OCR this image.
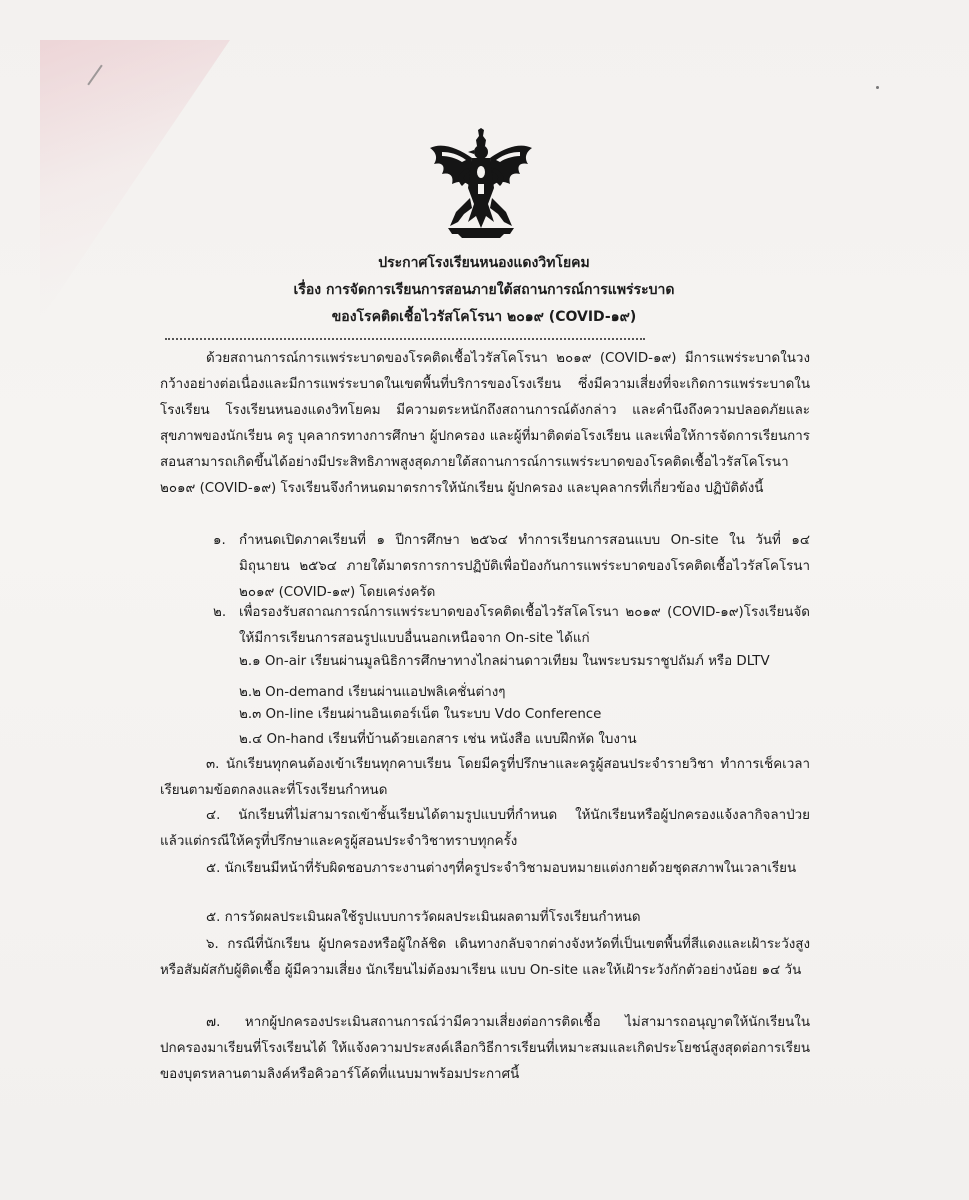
ประกาศโรงเรียนหนองแดงวิทโยคม
เรื่อง การจัดการเรียนการสอนภายใต้สถานการณ์การแพร่ระบาด
ของโรคติดเชื้อไวรัสโคโรนา ๒๐๑๙ (COVID-๑๙)
ด้วยสถานการณ์การแพร่ระบาดของโรคติดเชื้อไวรัสโคโรนา ๒๐๑๙ (COVID-๑๙) มีการแพร่ระบาดในวงกว้างอย่างต่อเนื่องและมีการแพร่ระบาดในเขตพื้นที่บริการของโรงเรียน ซึ่งมีความเสี่ยงที่จะเกิดการแพร่ระบาดในโรงเรียน โรงเรียนหนองแดงวิทโยคม มีความตระหนักถึงสถานการณ์ดังกล่าว และคำนึงถึงความปลอดภัยและสุขภาพของนักเรียน ครู บุคลากรทางการศึกษา ผู้ปกครอง และผู้ที่มาติดต่อโรงเรียน และเพื่อให้การจัดการเรียนการสอนสามารถเกิดขึ้นได้อย่างมีประสิทธิภาพสูงสุดภายใต้สถานการณ์การแพร่ระบาดของโรคติดเชื้อไวรัสโคโรนา ๒๐๑๙ (COVID-๑๙) โรงเรียนจึงกำหนดมาตรการให้นักเรียน ผู้ปกครอง และบุคลากรที่เกี่ยวข้อง ปฏิบัติดังนี้
๑. กำหนดเปิดภาคเรียนที่ ๑ ปีการศึกษา ๒๕๖๔ ทำการเรียนการสอนแบบ On-site ใน วันที่ ๑๔ มิถุนายน ๒๕๖๔ ภายใต้มาตรการการปฏิบัติเพื่อป้องกันการแพร่ระบาดของโรคติดเชื้อไวรัสโคโรนา ๒๐๑๙ (COVID-๑๙) โดยเคร่งครัด
๒. เพื่อรองรับสถาณการณ์การแพร่ระบาดของโรคติดเชื้อไวรัสโคโรนา ๒๐๑๙ (COVID-๑๙)โรงเรียนจัดให้มีการเรียนการสอนรูปแบบอื่นนอกเหนือจาก On-site ได้แก่
๒.๑ On-air เรียนผ่านมูลนิธิการศึกษาทางไกลผ่านดาวเทียม ในพระบรมราชูปถัมภ์ หรือ DLTV
๒.๒ On-demand เรียนผ่านแอปพลิเคชั่นต่างๆ
๒.๓ On-line เรียนผ่านอินเตอร์เน็ต ในระบบ Vdo Conference
๒.๔ On-hand เรียนที่บ้านด้วยเอกสาร เช่น หนังสือ แบบฝึกหัด ใบงาน
๓. นักเรียนทุกคนต้องเข้าเรียนทุกคาบเรียน โดยมีครูที่ปรึกษาและครูผู้สอนประจำรายวิชา ทำการเช็คเวลาเรียนตามข้อตกลงและที่โรงเรียนกำหนด
๔. นักเรียนที่ไม่สามารถเข้าชั้นเรียนได้ตามรูปแบบที่กำหนด ให้นักเรียนหรือผู้ปกครองแจ้งลากิจลาป่วย แล้วแต่กรณีให้ครูที่ปรึกษาและครูผู้สอนประจำวิชาทราบทุกครั้ง
๕. นักเรียนมีหน้าที่รับผิดชอบภาระงานต่างๆที่ครูประจำวิชามอบหมายแต่งกายด้วยชุดสภาพในเวลาเรียน
๕. การวัดผลประเมินผลใช้รูปแบบการวัดผลประเมินผลตามที่โรงเรียนกำหนด
๖. กรณีที่นักเรียน ผู้ปกครองหรือผู้ใกล้ชิด เดินทางกลับจากต่างจังหวัดที่เป็นเขตพื้นที่สีแดงและเฝ้าระวังสูง หรือสัมผัสกับผู้ติดเชื้อ ผู้มีความเสี่ยง นักเรียนไม่ต้องมาเรียน แบบ On-site และให้เฝ้าระวังกักตัวอย่างน้อย ๑๔ วัน
๗. หากผู้ปกครองประเมินสถานการณ์ว่ามีความเสี่ยงต่อการติดเชื้อ ไม่สามารถอนุญาตให้นักเรียนในปกครองมาเรียนที่โรงเรียนได้ ให้แจ้งความประสงค์เลือกวิธีการเรียนที่เหมาะสมและเกิดประโยชน์สูงสุดต่อการเรียนของบุตรหลานตามลิงค์หรือคิวอาร์โค้ดที่แนบมาพร้อมประกาศนี้
